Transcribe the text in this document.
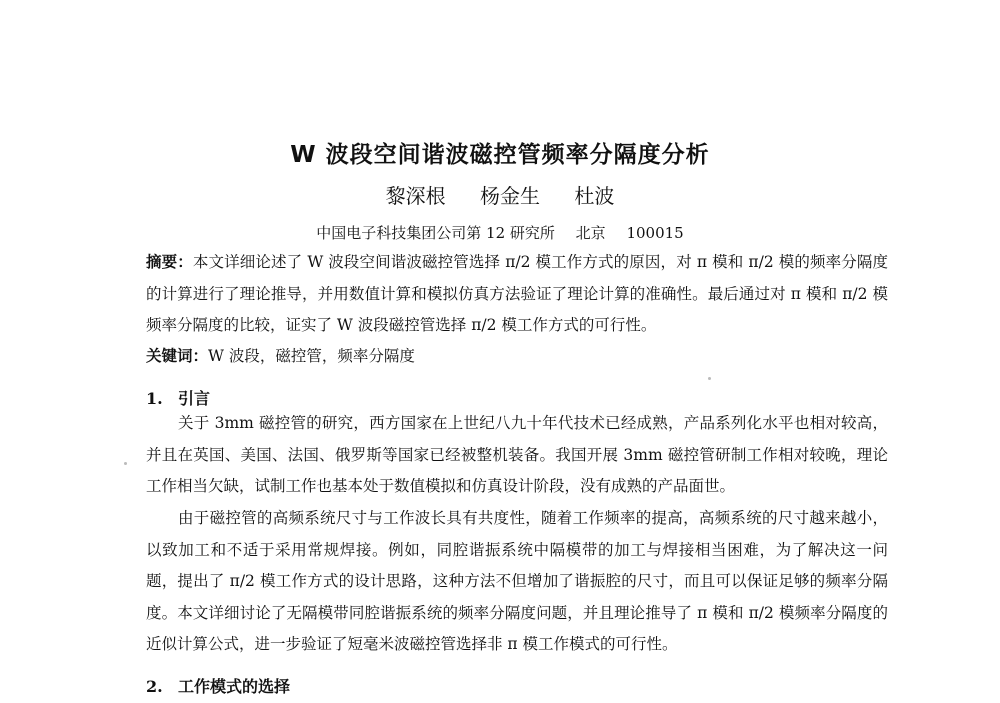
W 波段空间谐波磁控管频率分隔度分析
黎深根 杨金生 杜波
中国电子科技集团公司第 12 研究所 北京 100015
摘要：本文详细论述了 W 波段空间谐波磁控管选择 π/2 模工作方式的原因，对 π 模和 π/2 模的频率分隔度的计算进行了理论推导，并用数值计算和模拟仿真方法验证了理论计算的准确性。最后通过对 π 模和 π/2 模频率分隔度的比较，证实了 W 波段磁控管选择 π/2 模工作方式的可行性。
关键词：W 波段，磁控管，频率分隔度
1. 引言
关于 3mm 磁控管的研究，西方国家在上世纪八九十年代技术已经成熟，产品系列化水平也相对较高，并且在英国、美国、法国、俄罗斯等国家已经被整机装备。我国开展 3mm 磁控管研制工作相对较晚，理论工作相当欠缺，试制工作也基本处于数值模拟和仿真设计阶段，没有成熟的产品面世。
由于磁控管的高频系统尺寸与工作波长具有共度性，随着工作频率的提高，高频系统的尺寸越来越小，以致加工和不适于采用常规焊接。例如，同腔谐振系统中隔模带的加工与焊接相当困难，为了解决这一问题，提出了 π/2 模工作方式的设计思路，这种方法不但增加了谐振腔的尺寸，而且可以保证足够的频率分隔度。本文详细讨论了无隔模带同腔谐振系统的频率分隔度问题，并且理论推导了 π 模和 π/2 模频率分隔度的近似计算公式，进一步验证了短毫米波磁控管选择非 π 模工作模式的可行性。
2. 工作模式的选择
